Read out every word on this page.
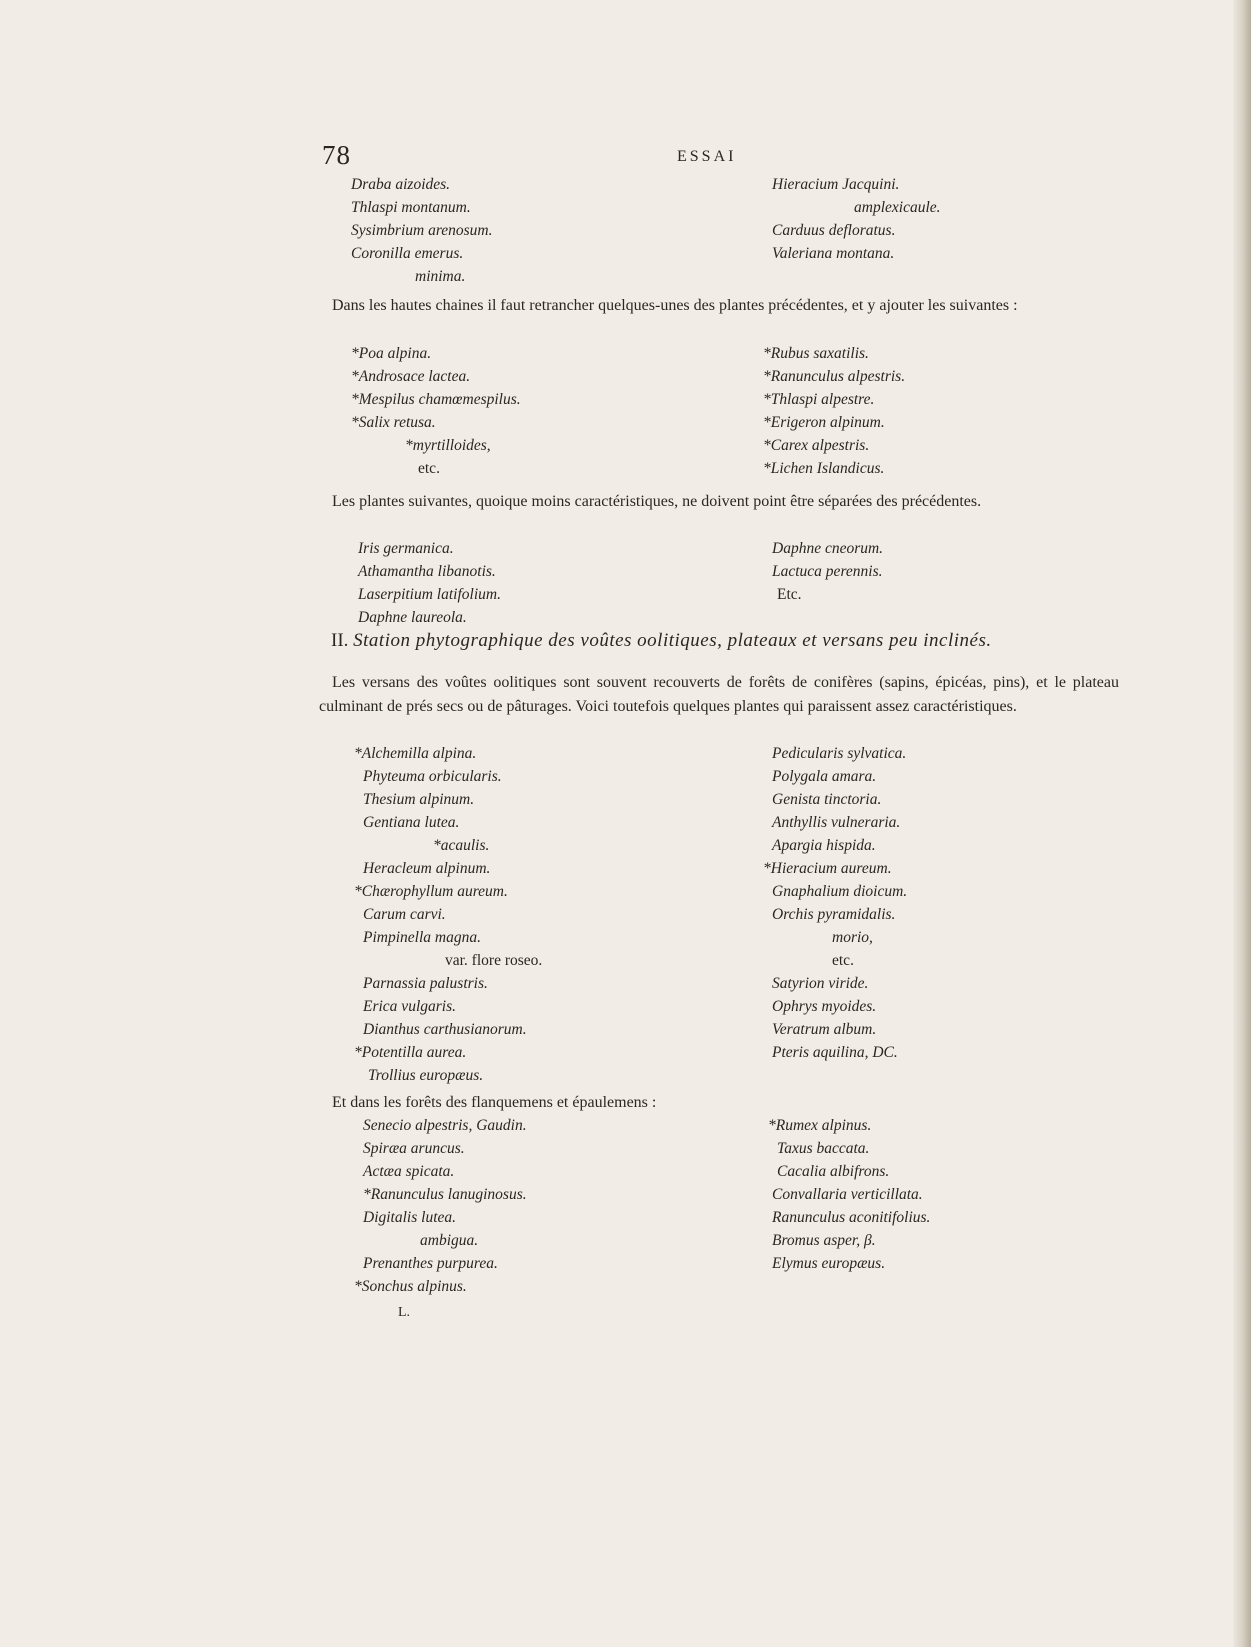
78	ESSAI
Draba aizoides.	Hieracium Jacquini.
Thlaspi montanum.	amplexicaule.
Sysimbrium arenosum.	Carduus defloratus.
Coronilla emerus.	Valeriana montana.
minima.
Dans les hautes chaines il faut retrancher quelques-unes des plantes précédentes, et y ajouter les suivantes :
*Poa alpina.	*Rubus saxatilis.
*Androsace lactea.	*Ranunculus alpestris.
*Mespilus chamœmespilus.	*Thlaspi alpestre.
*Salix retusa.	*Erigeron alpinum.
*myrtilloides,	*Carex alpestris.
etc.	*Lichen Islandicus.
Les plantes suivantes, quoique moins caractéristiques, ne doivent point être séparées des précédentes.
Iris germanica.	Daphne cneorum.
Athamantha libanotis.	Lactuca perennis.
Laserpitium latifolium.	Etc.
Daphne laureola.
II. Station phytographique des voûtes oolitiques, plateaux et versans peu inclinés.
Les versans des voûtes oolitiques sont souvent recouverts de forêts de conifères (sapins, épicéas, pins), et le plateau culminant de prés secs ou de pâturages. Voici toutefois quelques plantes qui paraissent assez caractéristiques.
*Alchemilla alpina.	Pedicularis sylvatica.
Phyteuma orbicularis.	Polygala amara.
Thesium alpinum.	Genista tinctoria.
Gentiana lutea.	Anthyllis vulneraria.
*acaulis.	Apargia hispida.
Heracleum alpinum.	*Hieracium aureum.
*Chærophyllum aureum.	Gnaphalium dioicum.
Carum carvi.	Orchis pyramidalis.
Pimpinella magna.	morio,
var. flore roseo.	etc.
Parnassia palustris.	Satyrion viride.
Erica vulgaris.	Ophrys myoides.
Dianthus carthusianorum.	Veratrum album.
*Potentilla aurea.	Pteris aquilina, DC.
Trollius europæus.
Et dans les forêts des flanquemens et épaulemens :
Senecio alpestris, Gaudin.	*Rumex alpinus.
Spiræa aruncus.	Taxus baccata.
Actæa spicata.	Cacalia albifrons.
*Ranunculus lanuginosus.	Convallaria verticillata.
Digitalis lutea.	Ranunculus aconitifolius.
ambigua.	Bromus asper, β.
Prenanthes purpurea.	Elymus europæus.
*Sonchus alpinus.
L.
